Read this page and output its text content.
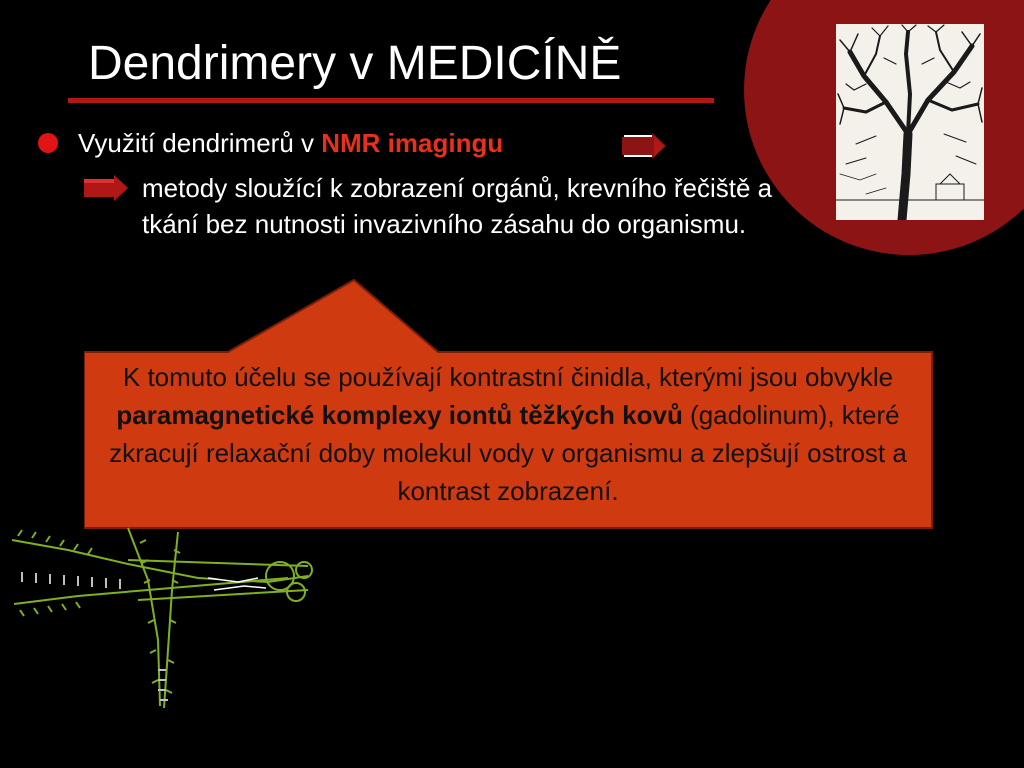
Dendrimery v MEDICÍNĚ
Využití dendrimerů v NMR imagingu
metody sloužící k zobrazení orgánů, krevního řečiště a tkání bez nutnosti invazivního zásahu do organismu.
K tomuto účelu se používají kontrastní činidla, kterými jsou obvykle paramagnetické komplexy iontů těžkých kovů (gadolinum), které zkracují relaxační doby molekul vody v organismu a zlepšují ostrost a kontrast zobrazení.
